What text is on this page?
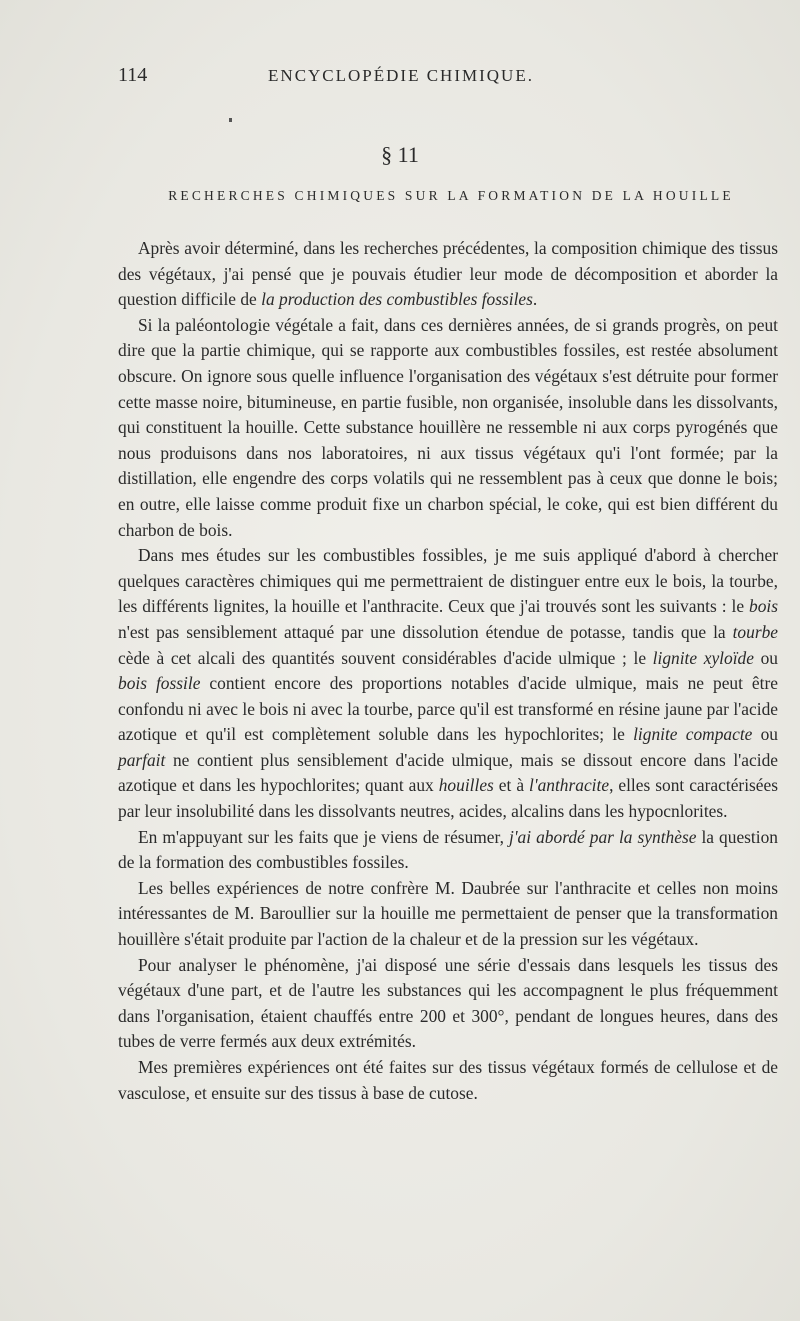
114	ENCYCLOPÉDIE CHIMIQUE.
§ 11
RECHERCHES CHIMIQUES SUR LA FORMATION DE LA HOUILLE

Après avoir déterminé, dans les recherches précédentes, la composition chimique des tissus des végétaux, j'ai pensé que je pouvais étudier leur mode de décomposition et aborder la question difficile de la production des combustibles fossiles.

Si la paléontologie végétale a fait, dans ces dernières années, de si grands progrès, on peut dire que la partie chimique, qui se rapporte aux combustibles fossiles, est restée absolument obscure. On ignore sous quelle influence l'organisation des végétaux s'est détruite pour former cette masse noire, bitumineuse, en partie fusible, non organisée, insoluble dans les dissolvants, qui constituent la houille. Cette substance houillère ne ressemble ni aux corps pyrogénés que nous produisons dans nos laboratoires, ni aux tissus végétaux qu'i l'ont formée; par la distillation, elle engendre des corps volatils qui ne ressemblent pas à ceux que donne le bois; en outre, elle laisse comme produit fixe un charbon spécial, le coke, qui est bien différent du charbon de bois.

Dans mes études sur les combustibles fossibles, je me suis appliqué d'abord à chercher quelques caractères chimiques qui me permettraient de distinguer entre eux le bois, la tourbe, les différents lignites, la houille et l'anthracite. Ceux que j'ai trouvés sont les suivants : le bois n'est pas sensiblement attaqué par une dissolution étendue de potasse, tandis que la tourbe cède à cet alcali des quantités souvent considérables d'acide ulmique ; le lignite xyloïde ou bois fossile contient encore des proportions notables d'acide ulmique, mais ne peut être confondu ni avec le bois ni avec la tourbe, parce qu'il est transformé en résine jaune par l'acide azotique et qu'il est complètement soluble dans les hypochlorites; le lignite compacte ou parfait ne contient plus sensiblement d'acide ulmique, mais se dissout encore dans l'acide azotique et dans les hypochlorites; quant aux houilles et à l'anthracite, elles sont caractérisées par leur insolubilité dans les dissolvants neutres, acides, alcalins dans les hypocnlorites.

En m'appuyant sur les faits que je viens de résumer, j'ai abordé par la synthèse la question de la formation des combustibles fossiles.

Les belles expériences de notre confrère M. Daubrée sur l'anthracite et celles non moins intéressantes de M. Baroullier sur la houille me permettaient de penser que la transformation houillère s'était produite par l'action de la chaleur et de la pression sur les végétaux.

Pour analyser le phénomène, j'ai disposé une série d'essais dans lesquels les tissus des végétaux d'une part, et de l'autre les substances qui les accompagnent le plus fréquemment dans l'organisation, étaient chauffés entre 200 et 300°, pendant de longues heures, dans des tubes de verre fermés aux deux extrémités.

Mes premières expériences ont été faites sur des tissus végétaux formés de cellulose et de vasculose, et ensuite sur des tissus à base de cutose.
